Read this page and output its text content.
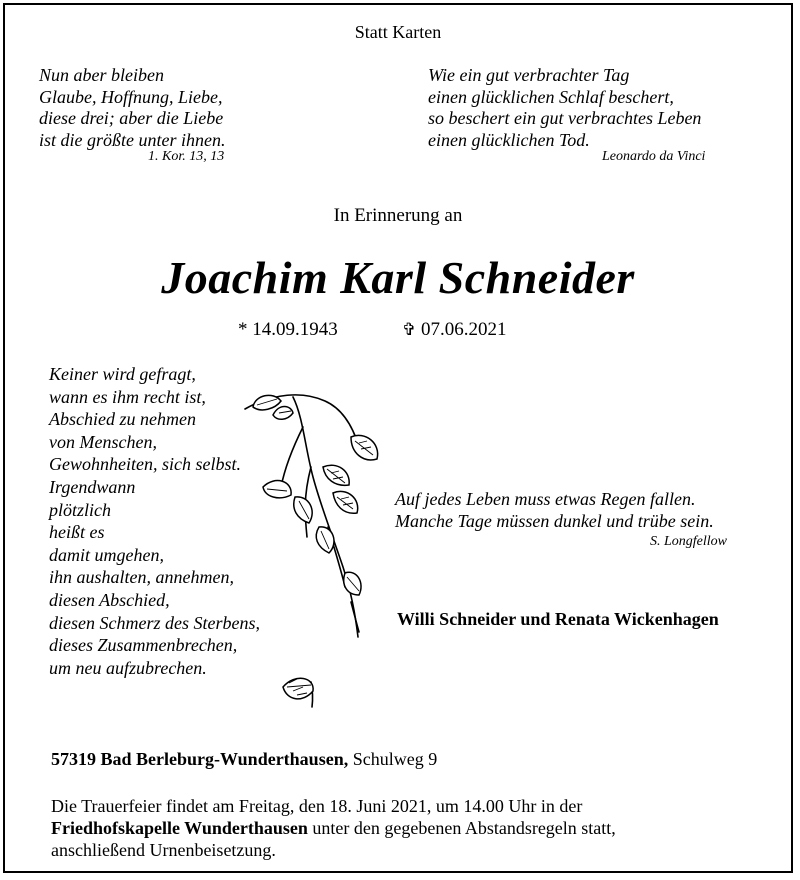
Statt Karten
Nun aber bleiben
Glaube, Hoffnung, Liebe,
diese drei; aber die Liebe
ist die größte unter ihnen.
1. Kor. 13, 13
Wie ein gut verbrachter Tag
einen glücklichen Schlaf beschert,
so beschert ein gut verbrachtes Leben
einen glücklichen Tod.
Leonardo da Vinci
In Erinnerung an
Joachim Karl Schneider
* 14.09.1943	✞ 07.06.2021
Keiner wird gefragt,
wann es ihm recht ist,
Abschied zu nehmen
von Menschen,
Gewohnheiten, sich selbst.
Irgendwann
plötzlich
heißt es
damit umgehen,
ihn aushalten, annehmen,
diesen Abschied,
diesen Schmerz des Sterbens,
dieses Zusammenbrechen,
um neu aufzubrechen.
Auf jedes Leben muss etwas Regen fallen.
Manche Tage müssen dunkel und trübe sein.
S. Longfellow
Willi Schneider und Renata Wickenhagen
57319 Bad Berleburg-Wunderthausen, Schulweg 9
Die Trauerfeier findet am Freitag, den 18. Juni 2021, um 14.00 Uhr in der
Friedhofskapelle Wunderthausen unter den gegebenen Abstandsregeln statt,
anschließend Urnenbeisetzung.
